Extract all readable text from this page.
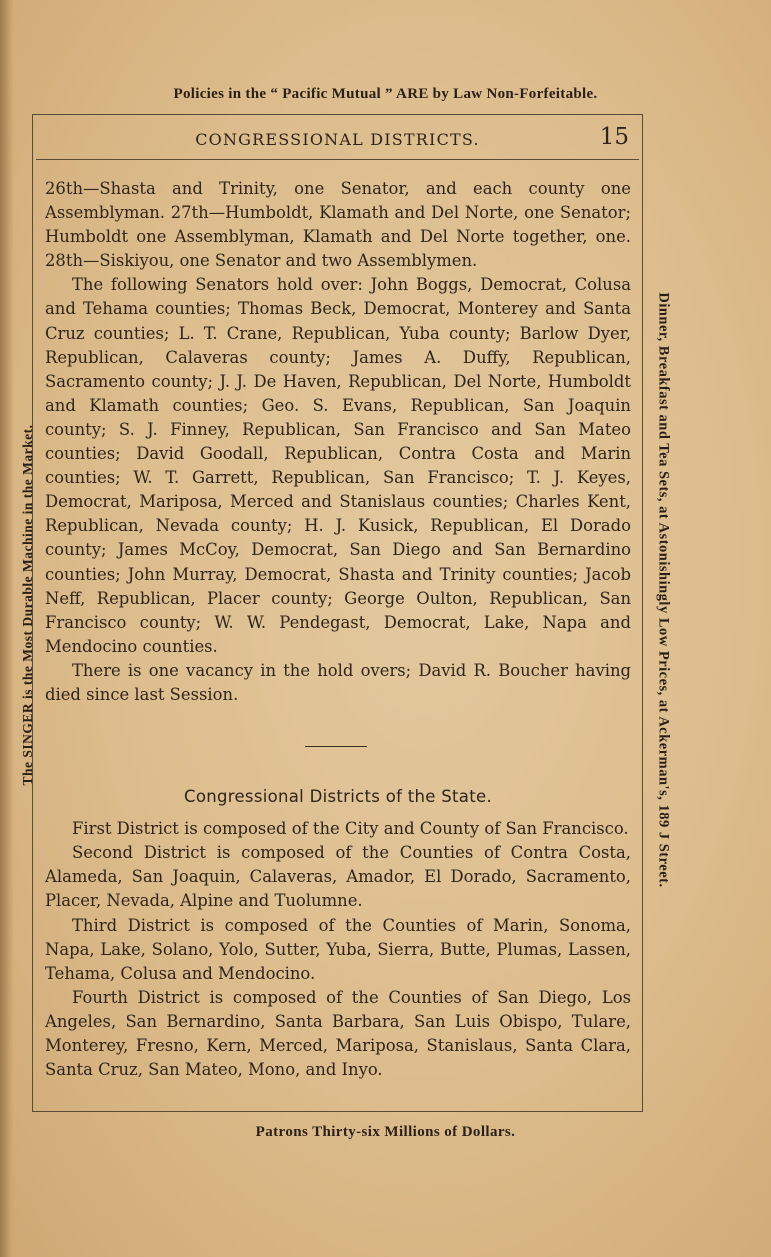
Policies in the “ Pacific Mutual ” ARE by Law Non-Forfeitable.
The SINGER is the Most Durable Machine in the Market.	Dinner, Breakfast and Tea Sets, at Astonishingly Low Prices, at Ackerman's, 189 J Street.
CONGRESSIONAL DISTRICTS.	15

26th—Shasta and Trinity, one Senator, and each county one Assemblyman. 27th—Humboldt, Klamath and Del Norte, one Senator; Humboldt one Assemblyman, Klamath and Del Norte together, one. 28th—Siskiyou, one Senator and two Assemblymen.

The following Senators hold over: John Boggs, Democrat, Colusa and Tehama counties; Thomas Beck, Democrat, Monterey and Santa Cruz counties; L. T. Crane, Republican, Yuba county; Barlow Dyer, Republican, Calaveras county; James A. Duffy, Republican, Sacramento county; J. J. De Haven, Republican, Del Norte, Humboldt and Klamath counties; Geo. S. Evans, Republican, San Joaquin county; S. J. Finney, Republican, San Francisco and San Mateo counties; David Goodall, Republican, Contra Costa and Marin counties; W. T. Garrett, Republican, San Francisco; T. J. Keyes, Democrat, Mariposa, Merced and Stanislaus counties; Charles Kent, Republican, Nevada county; H. J. Kusick, Republican, El Dorado county; James McCoy, Democrat, San Diego and San Bernardino counties; John Murray, Democrat, Shasta and Trinity counties; Jacob Neff, Republican, Placer county; George Oulton, Republican, San Francisco county; W. W. Pendegast, Democrat, Lake, Napa and Mendocino counties.

There is one vacancy in the hold overs; David R. Boucher having died since last Session.

Congressional Districts of the State.

First District is composed of the City and County of San Francisco.

Second District is composed of the Counties of Contra Costa, Alameda, San Joaquin, Calaveras, Amador, El Dorado, Sacramento, Placer, Nevada, Alpine and Tuolumne.

Third District is composed of the Counties of Marin, Sonoma, Napa, Lake, Solano, Yolo, Sutter, Yuba, Sierra, Butte, Plumas, Lassen, Tehama, Colusa and Mendocino.

Fourth District is composed of the Counties of San Diego, Los Angeles, San Bernardino, Santa Barbara, San Luis Obispo, Tulare, Monterey, Fresno, Kern, Merced, Mariposa, Stanislaus, Santa Clara, Santa Cruz, San Mateo, Mono, and Inyo.

Patrons Thirty-six Millions of Dollars.
